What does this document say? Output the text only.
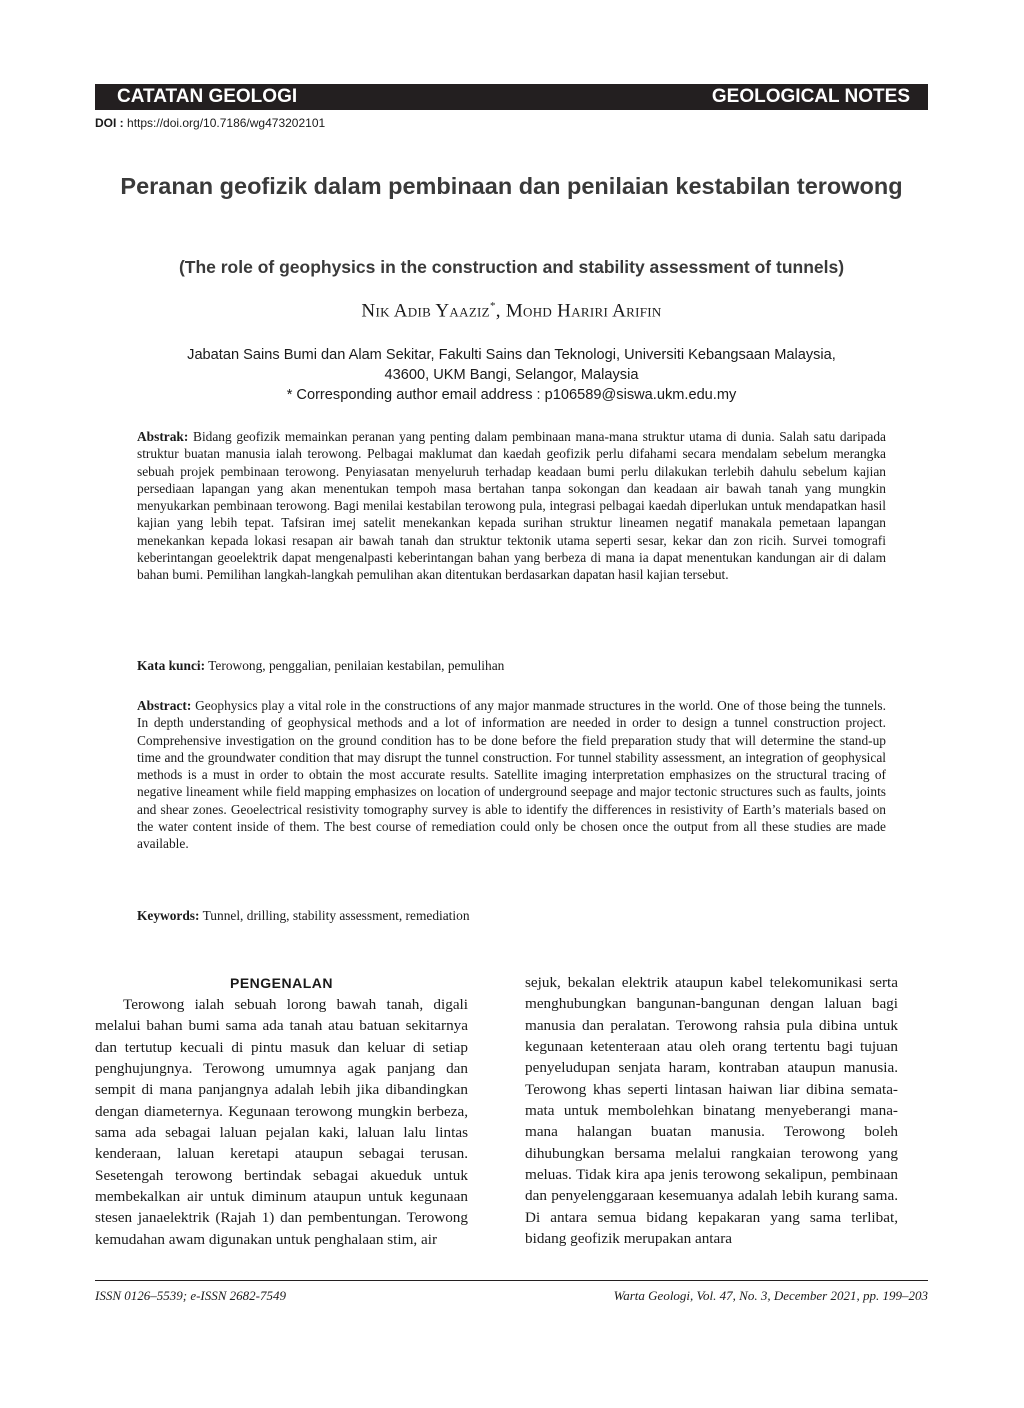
CATATAN GEOLOGI	GEOLOGICAL NOTES
DOI : https://doi.org/10.7186/wg473202101
Peranan geofizik dalam pembinaan dan penilaian kestabilan terowong
(The role of geophysics in the construction and stability assessment of tunnels)
Nik Adib Yaaziz*, Mohd Hariri Arifin
Jabatan Sains Bumi dan Alam Sekitar, Fakulti Sains dan Teknologi, Universiti Kebangsaan Malaysia,
43600, UKM Bangi, Selangor, Malaysia
* Corresponding author email address : p106589@siswa.ukm.edu.my
Abstrak: Bidang geofizik memainkan peranan yang penting dalam pembinaan mana-mana struktur utama di dunia. Salah satu daripada struktur buatan manusia ialah terowong. Pelbagai maklumat dan kaedah geofizik perlu difahami secara mendalam sebelum merangka sebuah projek pembinaan terowong. Penyiasatan menyeluruh terhadap keadaan bumi perlu dilakukan terlebih dahulu sebelum kajian persediaan lapangan yang akan menentukan tempoh masa bertahan tanpa sokongan dan keadaan air bawah tanah yang mungkin menyukarkan pembinaan terowong. Bagi menilai kestabilan terowong pula, integrasi pelbagai kaedah diperlukan untuk mendapatkan hasil kajian yang lebih tepat. Tafsiran imej satelit menekankan kepada surihan struktur lineamen negatif manakala pemetaan lapangan menekankan kepada lokasi resapan air bawah tanah dan struktur tektonik utama seperti sesar, kekar dan zon ricih. Survei tomografi keberintangan geoelektrik dapat mengenalpasti keberintangan bahan yang berbeza di mana ia dapat menentukan kandungan air di dalam bahan bumi. Pemilihan langkah-langkah pemulihan akan ditentukan berdasarkan dapatan hasil kajian tersebut.
Kata kunci: Terowong, penggalian, penilaian kestabilan, pemulihan
Abstract: Geophysics play a vital role in the constructions of any major manmade structures in the world. One of those being the tunnels. In depth understanding of geophysical methods and a lot of information are needed in order to design a tunnel construction project. Comprehensive investigation on the ground condition has to be done before the field preparation study that will determine the stand-up time and the groundwater condition that may disrupt the tunnel construction. For tunnel stability assessment, an integration of geophysical methods is a must in order to obtain the most accurate results. Satellite imaging interpretation emphasizes on the structural tracing of negative lineament while field mapping emphasizes on location of underground seepage and major tectonic structures such as faults, joints and shear zones. Geoelectrical resistivity tomography survey is able to identify the differences in resistivity of Earth’s materials based on the water content inside of them. The best course of remediation could only be chosen once the output from all these studies are made available.
Keywords: Tunnel, drilling, stability assessment, remediation
PENGENALAN

Terowong ialah sebuah lorong bawah tanah, digali melalui bahan bumi sama ada tanah atau batuan sekitarnya dan tertutup kecuali di pintu masuk dan keluar di setiap penghujungnya. Terowong umumnya agak panjang dan sempit di mana panjangnya adalah lebih jika dibandingkan dengan diameternya. Kegunaan terowong mungkin berbeza, sama ada sebagai laluan pejalan kaki, laluan lalu lintas kenderaan, laluan keretapi ataupun sebagai terusan. Sesetengah terowong bertindak sebagai akueduk untuk membekalkan air untuk diminum ataupun untuk kegunaan stesen janaelektrik (Rajah 1) dan pembentungan. Terowong kemudahan awam digunakan untuk penghalaan stim, air

sejuk, bekalan elektrik ataupun kabel telekomunikasi serta menghubungkan bangunan-bangunan dengan laluan bagi manusia dan peralatan. Terowong rahsia pula dibina untuk kegunaan ketenteraan atau oleh orang tertentu bagi tujuan penyeludupan senjata haram, kontraban ataupun manusia. Terowong khas seperti lintasan haiwan liar dibina semata-mata untuk membolehkan binatang menyeberangi mana-mana halangan buatan manusia. Terowong boleh dihubungkan bersama melalui rangkaian terowong yang meluas. Tidak kira apa jenis terowong sekalipun, pembinaan dan penyelenggaraan kesemuanya adalah lebih kurang sama. Di antara semua bidang kepakaran yang sama terlibat, bidang geofizik merupakan antara

ISSN 0126–5539; e-ISSN 2682-7549	Warta Geologi, Vol. 47, No. 3, December 2021, pp. 199–203
